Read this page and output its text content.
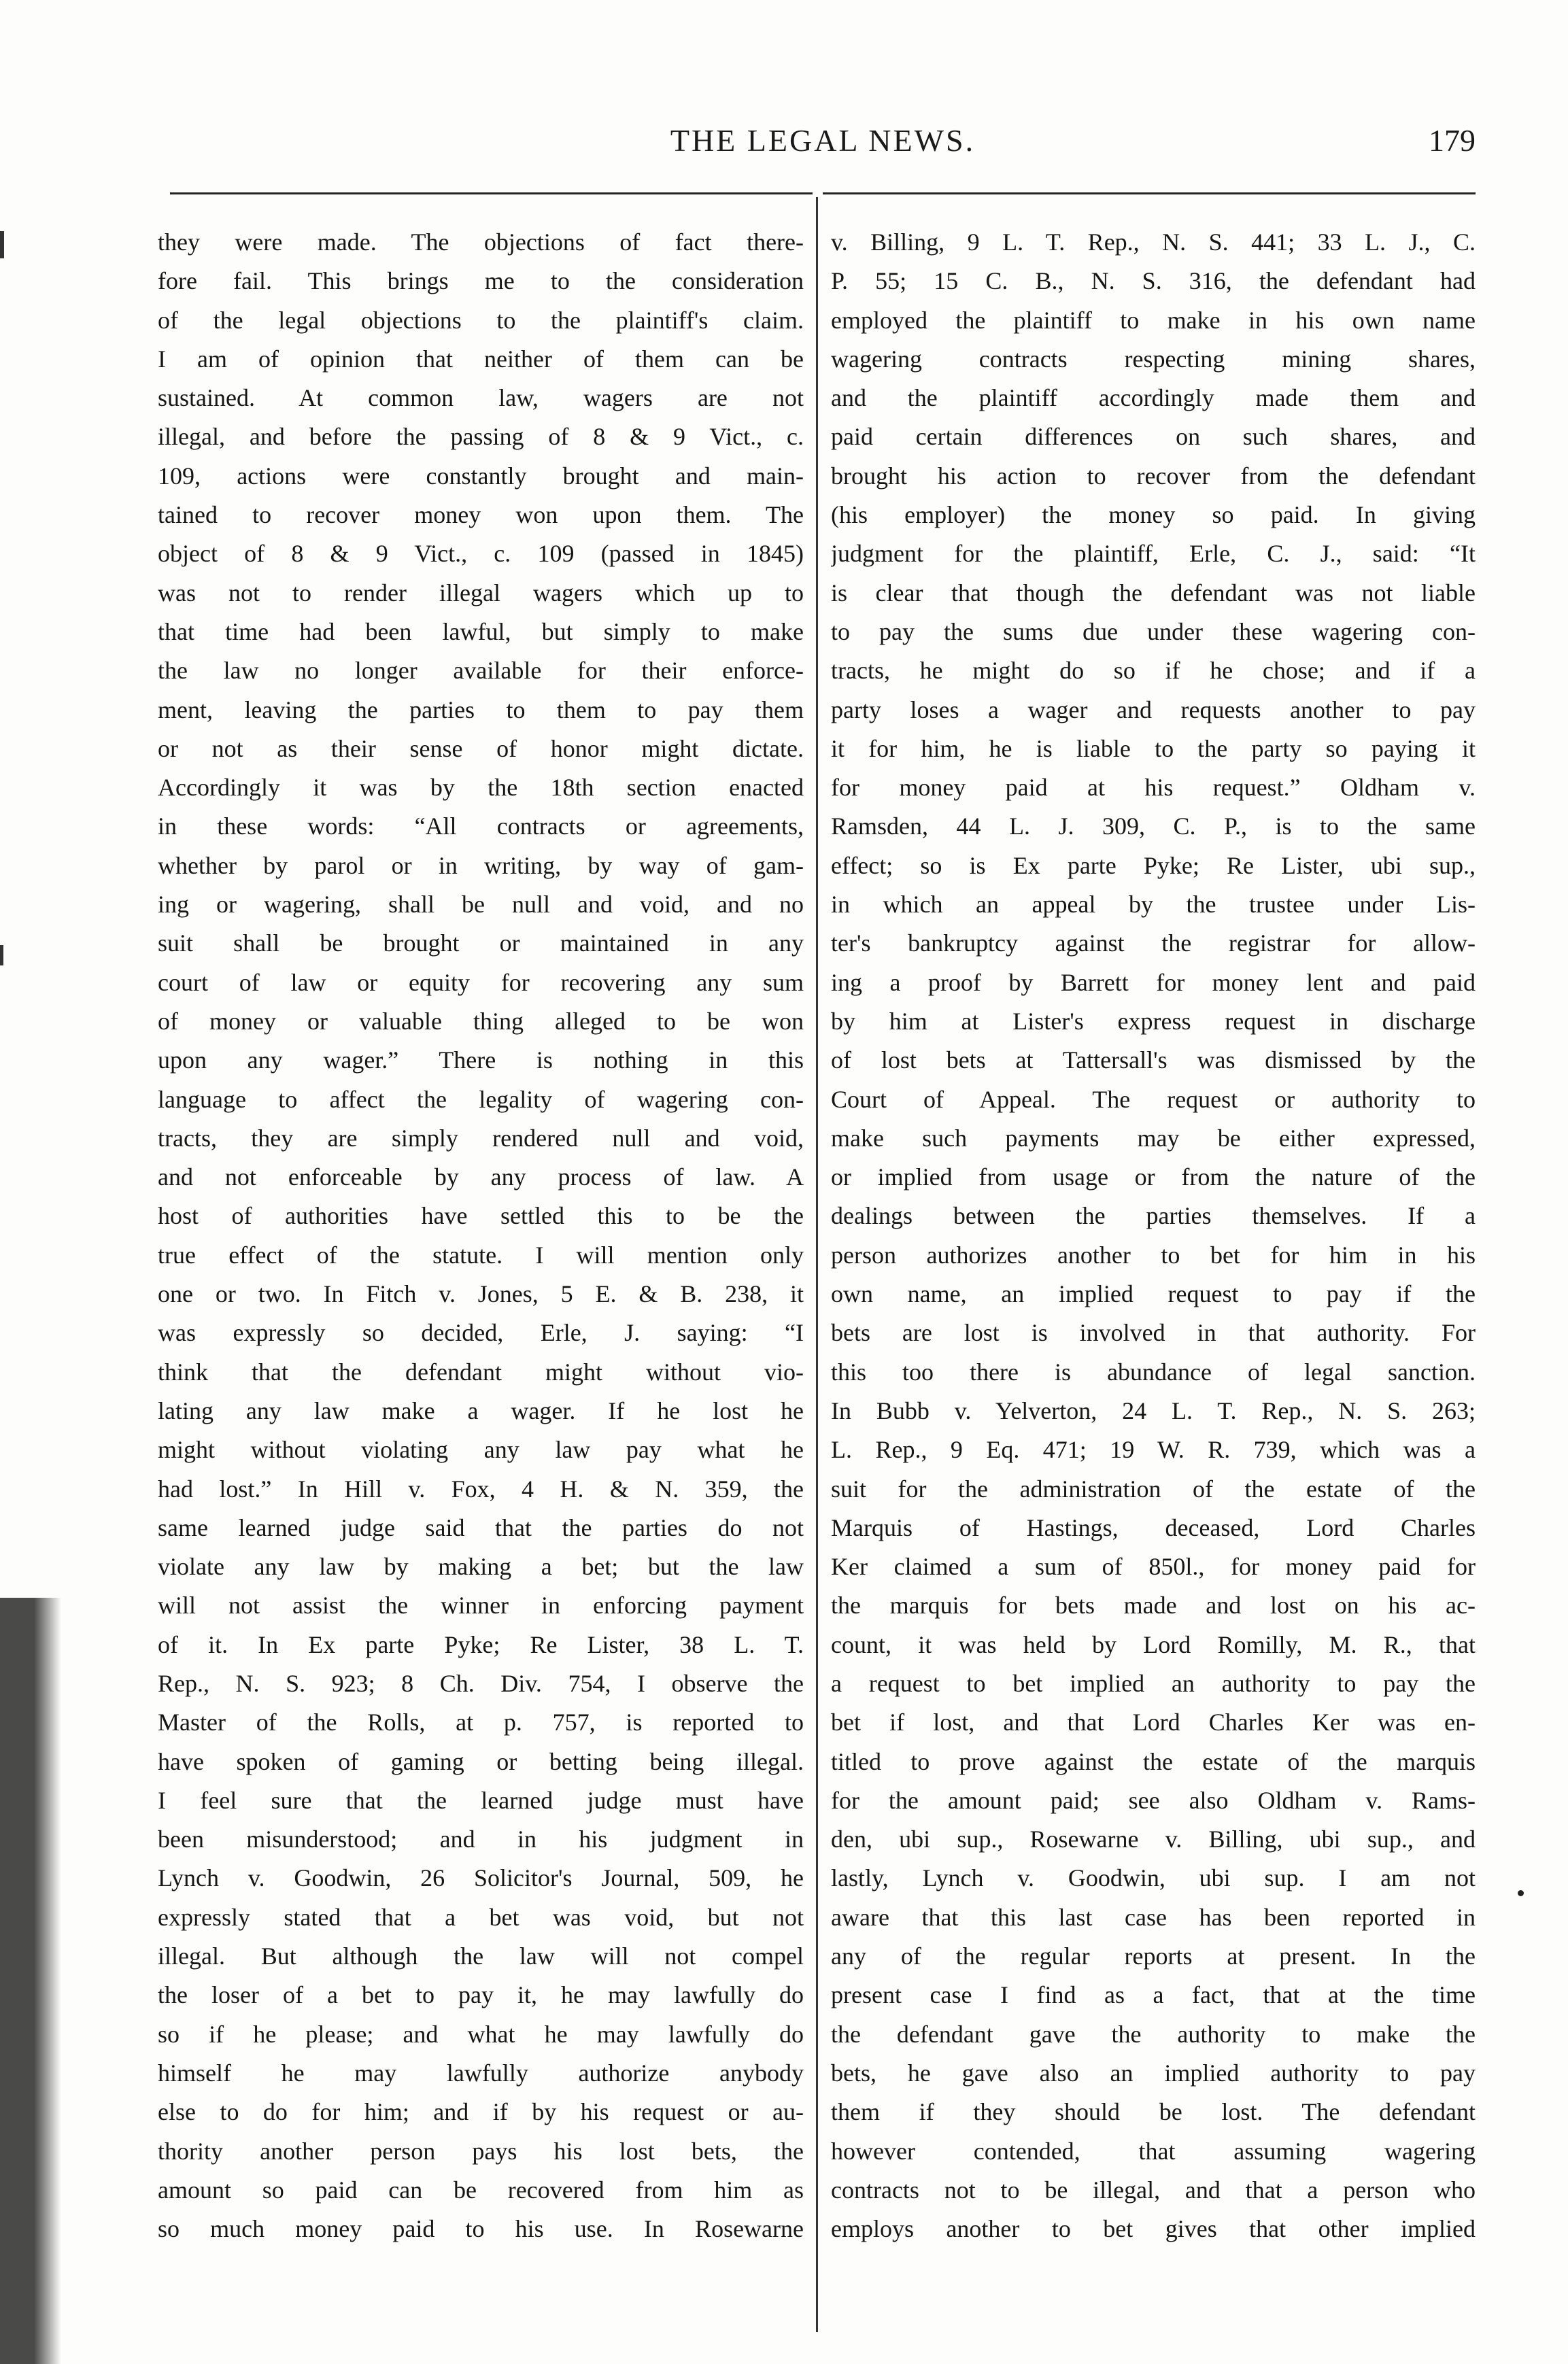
THE LEGAL NEWS.	179
they were made. The objections of fact there-
fore fail. This brings me to the consideration
of the legal objections to the plaintiff's claim.
I am of opinion that neither of them can be
sustained. At common law, wagers are not
illegal, and before the passing of 8 & 9 Vict., c.
109, actions were constantly brought and main-
tained to recover money won upon them. The
object of 8 & 9 Vict., c. 109 (passed in 1845)
was not to render illegal wagers which up to
that time had been lawful, but simply to make
the law no longer available for their enforce-
ment, leaving the parties to them to pay them
or not as their sense of honor might dictate.
Accordingly it was by the 18th section enacted
in these words: “All contracts or agreements,
whether by parol or in writing, by way of gam-
ing or wagering, shall be null and void, and no
suit shall be brought or maintained in any
court of law or equity for recovering any sum
of money or valuable thing alleged to be won
upon any wager.” There is nothing in this
language to affect the legality of wagering con-
tracts, they are simply rendered null and void,
and not enforceable by any process of law. A
host of authorities have settled this to be the
true effect of the statute. I will mention only
one or two. In Fitch v. Jones, 5 E. & B. 238, it
was expressly so decided, Erle, J. saying: “I
think that the defendant might without vio-
lating any law make a wager. If he lost he
might without violating any law pay what he
had lost.” In Hill v. Fox, 4 H. & N. 359, the
same learned judge said that the parties do not
violate any law by making a bet; but the law
will not assist the winner in enforcing payment
of it. In Ex parte Pyke; Re Lister, 38 L. T.
Rep., N. S. 923; 8 Ch. Div. 754, I observe the
Master of the Rolls, at p. 757, is reported to
have spoken of gaming or betting being illegal.
I feel sure that the learned judge must have
been misunderstood; and in his judgment in
Lynch v. Goodwin, 26 Solicitor's Journal, 509, he
expressly stated that a bet was void, but not
illegal. But although the law will not compel
the loser of a bet to pay it, he may lawfully do
so if he please; and what he may lawfully do
himself he may lawfully authorize anybody
else to do for him; and if by his request or au-
thority another person pays his lost bets, the
amount so paid can be recovered from him as
so much money paid to his use. In Rosewarne
v. Billing, 9 L. T. Rep., N. S. 441; 33 L. J., C.
P. 55; 15 C. B., N. S. 316, the defendant had
employed the plaintiff to make in his own name
wagering contracts respecting mining shares,
and the plaintiff accordingly made them and
paid certain differences on such shares, and
brought his action to recover from the defendant
(his employer) the money so paid. In giving
judgment for the plaintiff, Erle, C. J., said: “It
is clear that though the defendant was not liable
to pay the sums due under these wagering con-
tracts, he might do so if he chose; and if a
party loses a wager and requests another to pay
it for him, he is liable to the party so paying it
for money paid at his request.” Oldham v.
Ramsden, 44 L. J. 309, C. P., is to the same
effect; so is Ex parte Pyke; Re Lister, ubi sup.,
in which an appeal by the trustee under Lis-
ter's bankruptcy against the registrar for allow-
ing a proof by Barrett for money lent and paid
by him at Lister's express request in discharge
of lost bets at Tattersall's was dismissed by the
Court of Appeal. The request or authority to
make such payments may be either expressed,
or implied from usage or from the nature of the
dealings between the parties themselves. If a
person authorizes another to bet for him in his
own name, an implied request to pay if the
bets are lost is involved in that authority. For
this too there is abundance of legal sanction.
In Bubb v. Yelverton, 24 L. T. Rep., N. S. 263;
L. Rep., 9 Eq. 471; 19 W. R. 739, which was a
suit for the administration of the estate of the
Marquis of Hastings, deceased, Lord Charles
Ker claimed a sum of 850l., for money paid for
the marquis for bets made and lost on his ac-
count, it was held by Lord Romilly, M. R., that
a request to bet implied an authority to pay the
bet if lost, and that Lord Charles Ker was en-
titled to prove against the estate of the marquis
for the amount paid; see also Oldham v. Rams-
den, ubi sup., Rosewarne v. Billing, ubi sup., and
lastly, Lynch v. Goodwin, ubi sup. I am not
aware that this last case has been reported in
any of the regular reports at present. In the
present case I find as a fact, that at the time
the defendant gave the authority to make the
bets, he gave also an implied authority to pay
them if they should be lost. The defendant
however contended, that assuming wagering
contracts not to be illegal, and that a person who
employs another to bet gives that other implied
